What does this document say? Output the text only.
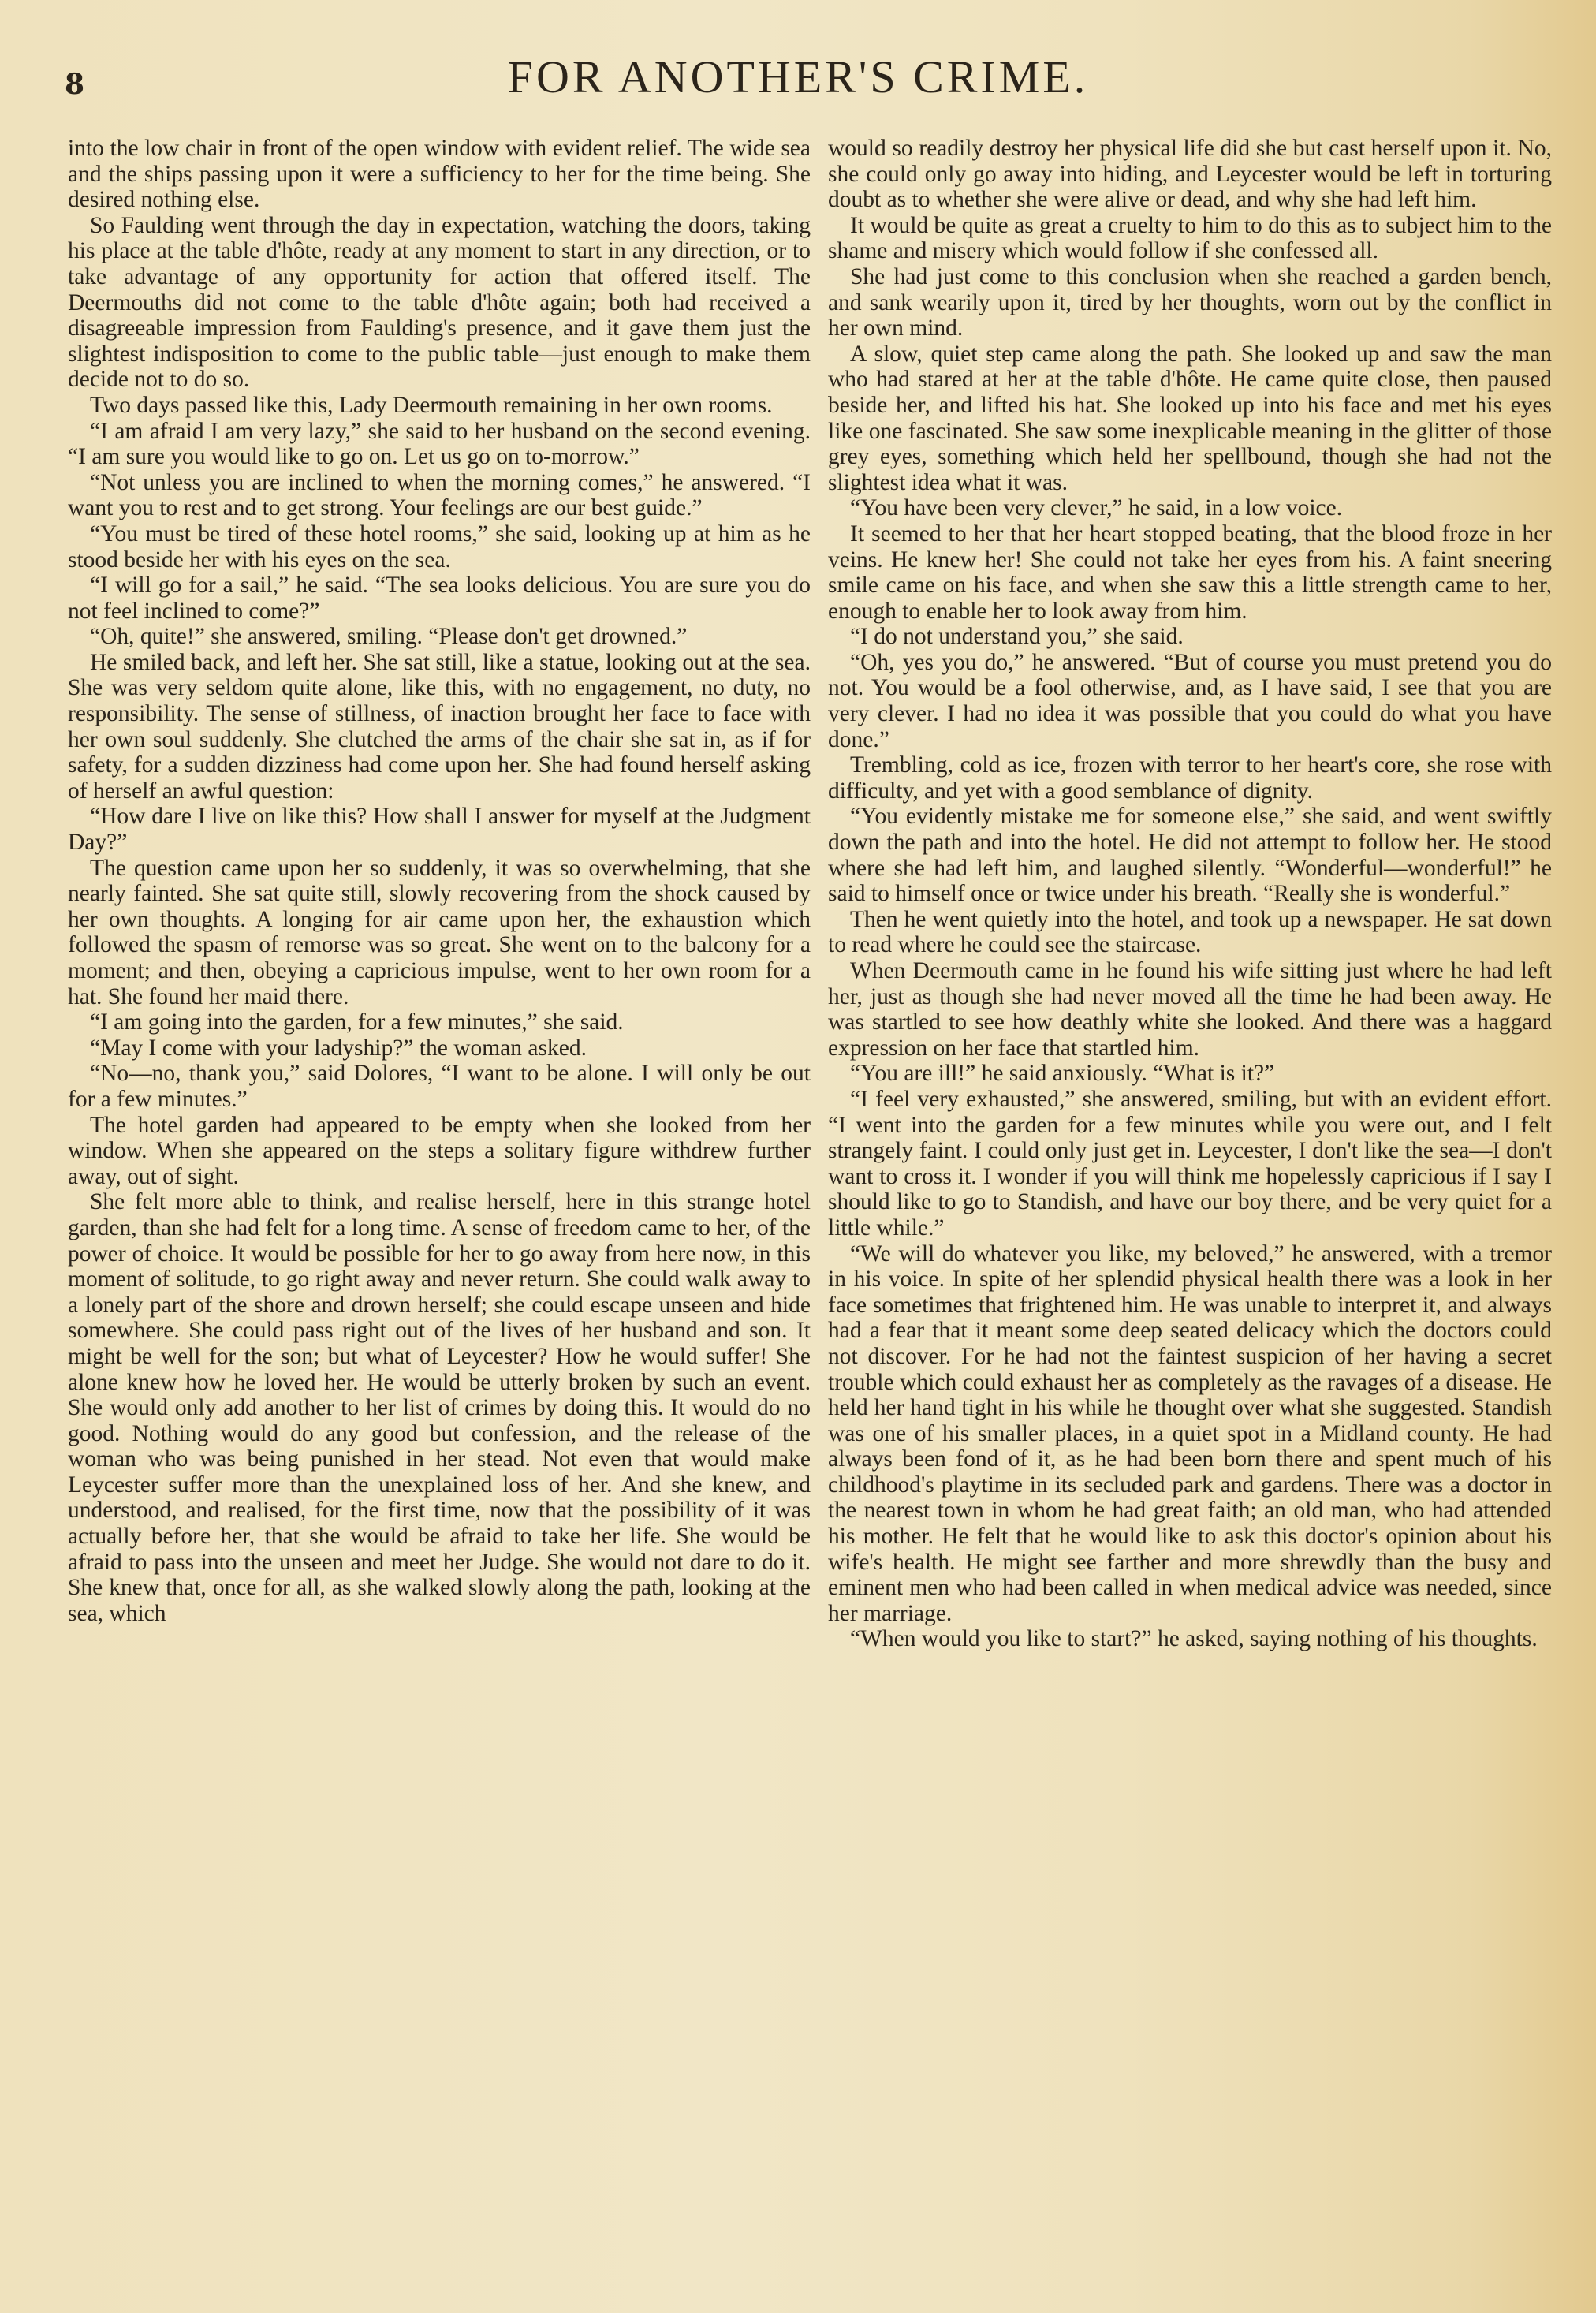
8	FOR ANOTHER'S CRIME.

into the low chair in front of the open window with evident relief. The wide sea and the ships passing upon it were a sufficiency to her for the time being. She desired nothing else.

So Faulding went through the day in expectation, watching the doors, taking his place at the table d'hôte, ready at any moment to start in any direction, or to take advantage of any opportunity for action that offered itself. The Deermouths did not come to the table d'hôte again; both had received a disagreeable impression from Faulding's presence, and it gave them just the slightest indisposition to come to the public table—just enough to make them decide not to do so.

Two days passed like this, Lady Deermouth remaining in her own rooms.

“I am afraid I am very lazy,” she said to her husband on the second evening. “I am sure you would like to go on. Let us go on to-morrow.”

“Not unless you are inclined to when the morning comes,” he answered. “I want you to rest and to get strong. Your feelings are our best guide.”

“You must be tired of these hotel rooms,” she said, looking up at him as he stood beside her with his eyes on the sea.

“I will go for a sail,” he said. “The sea looks delicious. You are sure you do not feel inclined to come?”

“Oh, quite!” she answered, smiling. “Please don't get drowned.”

He smiled back, and left her. She sat still, like a statue, looking out at the sea. She was very seldom quite alone, like this, with no engagement, no duty, no responsibility. The sense of stillness, of inaction brought her face to face with her own soul suddenly. She clutched the arms of the chair she sat in, as if for safety, for a sudden dizziness had come upon her. She had found herself asking of herself an awful question:

“How dare I live on like this? How shall I answer for myself at the Judgment Day?”

The question came upon her so suddenly, it was so overwhelming, that she nearly fainted. She sat quite still, slowly recovering from the shock caused by her own thoughts. A longing for air came upon her, the exhaustion which followed the spasm of remorse was so great. She went on to the balcony for a moment; and then, obeying a capricious impulse, went to her own room for a hat. She found her maid there.

“I am going into the garden, for a few minutes,” she said.

“May I come with your ladyship?” the woman asked.

“No—no, thank you,” said Dolores, “I want to be alone. I will only be out for a few minutes.”

The hotel garden had appeared to be empty when she looked from her window. When she appeared on the steps a solitary figure withdrew further away, out of sight.

She felt more able to think, and realise herself, here in this strange hotel garden, than she had felt for a long time. A sense of freedom came to her, of the power of choice. It would be possible for her to go away from here now, in this moment of solitude, to go right away and never return. She could walk away to a lonely part of the shore and drown herself; she could escape unseen and hide somewhere. She could pass right out of the lives of her husband and son. It might be well for the son; but what of Leycester? How he would suffer! She alone knew how he loved her. He would be utterly broken by such an event. She would only add another to her list of crimes by doing this. It would do no good. Nothing would do any good but confession, and the release of the woman who was being punished in her stead. Not even that would make Leycester suffer more than the unexplained loss of her. And she knew, and understood, and realised, for the first time, now that the possibility of it was actually before her, that she would be afraid to take her life. She would be afraid to pass into the unseen and meet her Judge. She would not dare to do it. She knew that, once for all, as she walked slowly along the path, looking at the sea, which

would so readily destroy her physical life did she but cast herself upon it. No, she could only go away into hiding, and Leycester would be left in torturing doubt as to whether she were alive or dead, and why she had left him.

It would be quite as great a cruelty to him to do this as to subject him to the shame and misery which would follow if she confessed all.

She had just come to this conclusion when she reached a garden bench, and sank wearily upon it, tired by her thoughts, worn out by the conflict in her own mind.

A slow, quiet step came along the path. She looked up and saw the man who had stared at her at the table d'hôte. He came quite close, then paused beside her, and lifted his hat. She looked up into his face and met his eyes like one fascinated. She saw some inexplicable meaning in the glitter of those grey eyes, something which held her spellbound, though she had not the slightest idea what it was.

“You have been very clever,” he said, in a low voice.

It seemed to her that her heart stopped beating, that the blood froze in her veins. He knew her! She could not take her eyes from his. A faint sneering smile came on his face, and when she saw this a little strength came to her, enough to enable her to look away from him.

“I do not understand you,” she said.

“Oh, yes you do,” he answered. “But of course you must pretend you do not. You would be a fool otherwise, and, as I have said, I see that you are very clever. I had no idea it was possible that you could do what you have done.”

Trembling, cold as ice, frozen with terror to her heart's core, she rose with difficulty, and yet with a good semblance of dignity.

“You evidently mistake me for someone else,” she said, and went swiftly down the path and into the hotel. He did not attempt to follow her. He stood where she had left him, and laughed silently. “Wonderful—wonderful!” he said to himself once or twice under his breath. “Really she is wonderful.”

Then he went quietly into the hotel, and took up a newspaper. He sat down to read where he could see the staircase.

When Deermouth came in he found his wife sitting just where he had left her, just as though she had never moved all the time he had been away. He was startled to see how deathly white she looked. And there was a haggard expression on her face that startled him.

“You are ill!” he said anxiously. “What is it?”

“I feel very exhausted,” she answered, smiling, but with an evident effort. “I went into the garden for a few minutes while you were out, and I felt strangely faint. I could only just get in. Leycester, I don't like the sea—I don't want to cross it. I wonder if you will think me hopelessly capricious if I say I should like to go to Standish, and have our boy there, and be very quiet for a little while.”

“We will do whatever you like, my beloved,” he answered, with a tremor in his voice. In spite of her splendid physical health there was a look in her face sometimes that frightened him. He was unable to interpret it, and always had a fear that it meant some deep seated delicacy which the doctors could not discover. For he had not the faintest suspicion of her having a secret trouble which could exhaust her as completely as the ravages of a disease. He held her hand tight in his while he thought over what she suggested. Standish was one of his smaller places, in a quiet spot in a Midland county. He had always been fond of it, as he had been born there and spent much of his childhood's playtime in its secluded park and gardens. There was a doctor in the nearest town in whom he had great faith; an old man, who had attended his mother. He felt that he would like to ask this doctor's opinion about his wife's health. He might see farther and more shrewdly than the busy and eminent men who had been called in when medical advice was needed, since her marriage.

“When would you like to start?” he asked, saying nothing of his thoughts.
